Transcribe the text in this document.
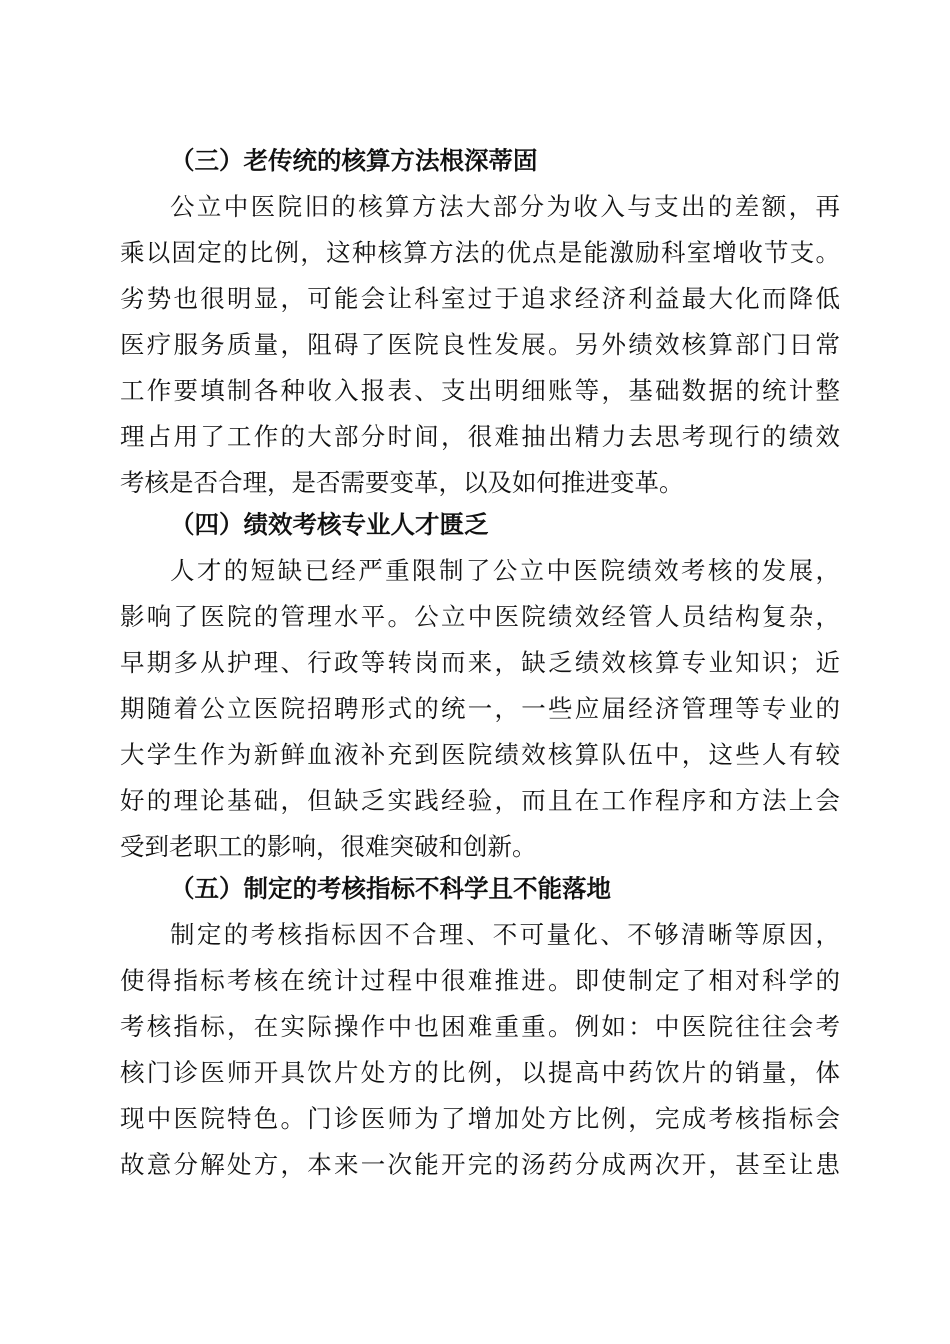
（三）老传统的核算方法根深蒂固
公立中医院旧的核算方法大部分为收入与支出的差额，再
乘以固定的比例，这种核算方法的优点是能激励科室增收节支。
劣势也很明显，可能会让科室过于追求经济利益最大化而降低
医疗服务质量，阻碍了医院良性发展。另外绩效核算部门日常
工作要填制各种收入报表、支出明细账等，基础数据的统计整
理占用了工作的大部分时间，很难抽出精力去思考现行的绩效
考核是否合理，是否需要变革，以及如何推进变革。
（四）绩效考核专业人才匮乏
人才的短缺已经严重限制了公立中医院绩效考核的发展，
影响了医院的管理水平。公立中医院绩效经管人员结构复杂，
早期多从护理、行政等转岗而来，缺乏绩效核算专业知识；近
期随着公立医院招聘形式的统一，一些应届经济管理等专业的
大学生作为新鲜血液补充到医院绩效核算队伍中，这些人有较
好的理论基础，但缺乏实践经验，而且在工作程序和方法上会
受到老职工的影响，很难突破和创新。
（五）制定的考核指标不科学且不能落地
制定的考核指标因不合理、不可量化、不够清晰等原因，
使得指标考核在统计过程中很难推进。即使制定了相对科学的
考核指标，在实际操作中也困难重重。例如：中医院往往会考
核门诊医师开具饮片处方的比例，以提高中药饮片的销量，体
现中医院特色。门诊医师为了增加处方比例，完成考核指标会
故意分解处方，本来一次能开完的汤药分成两次开，甚至让患
